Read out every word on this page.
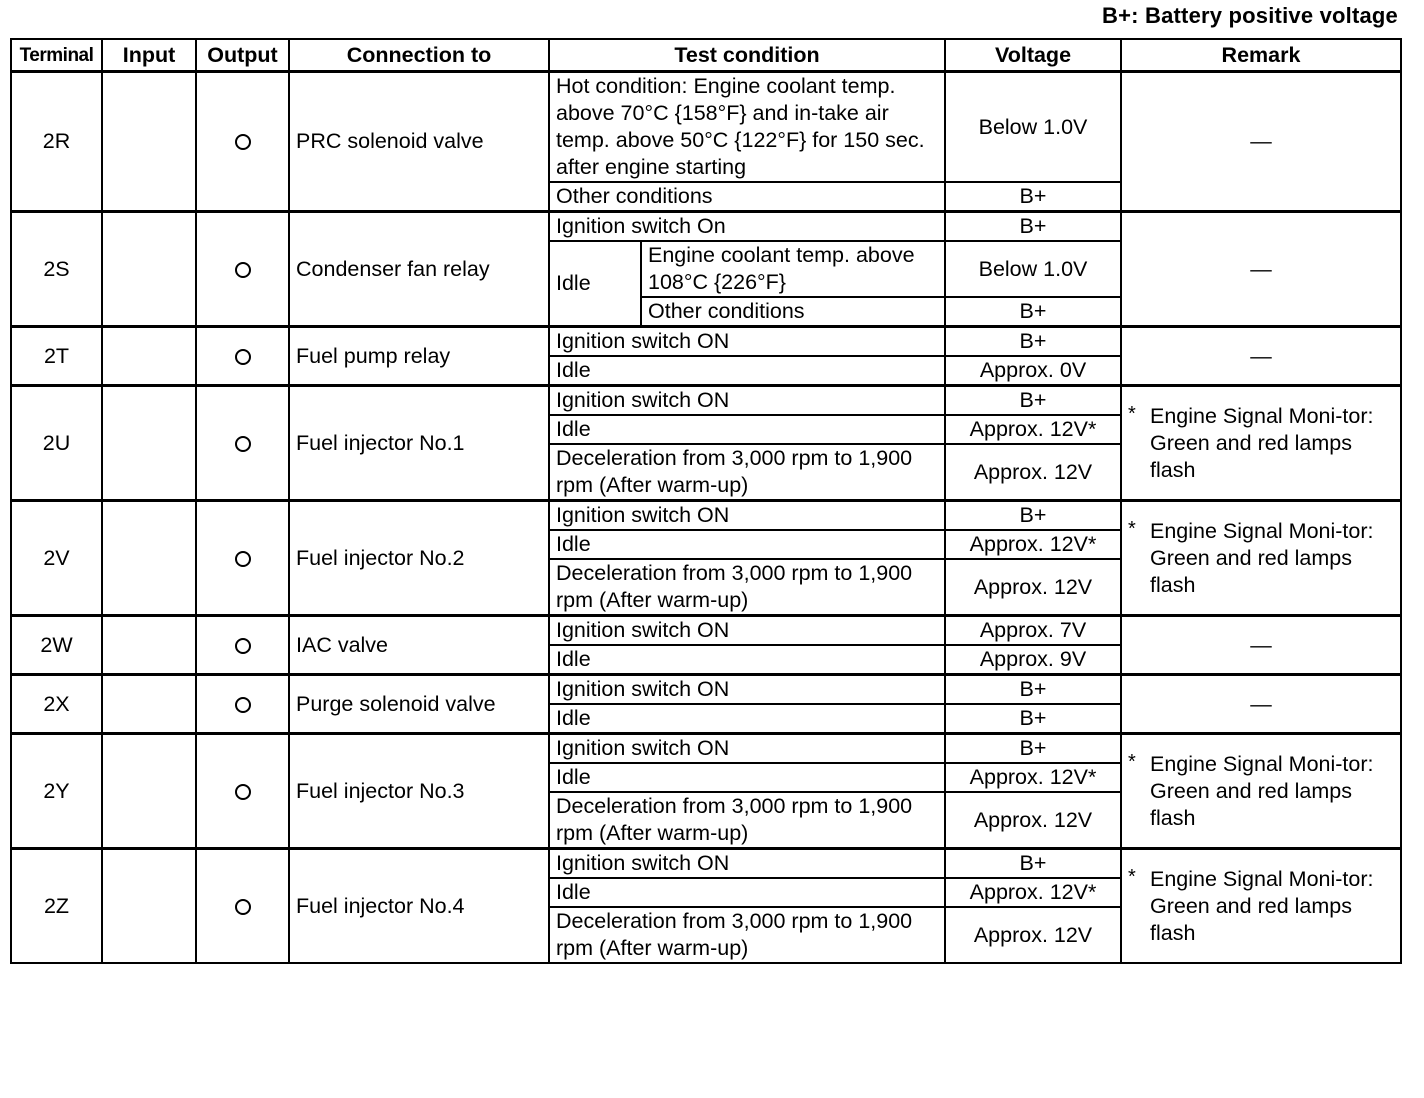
B+: Battery positive voltage
Terminal	Input	Output	Connection to	Test condition		Voltage	Remark
2R			PRC solenoid valve	Hot condition: Engine coolant temp. above 70°C {158°F} and in-take air temp. above 50°C {122°F} for 150 sec. after engine starting		Below 1.0V	—
				Other conditions		B+	
2S			Condenser fan relay	Ignition switch On		B+	—
				Idle	Engine coolant temp. above 108°C {226°F}	Below 1.0V	
					Other conditions	B+	
2T			Fuel pump relay	Ignition switch ON		B+	—
				Idle		Approx. 0V	
2U			Fuel injector No.1	Ignition switch ON		B+	* Engine Signal Moni-tor: Green and red lamps flash

				Idle		Approx. 12V*	
				Deceleration from 3,000 rpm to 1,900 rpm (After warm-up)		Approx. 12V	
2V			Fuel injector No.2	Ignition switch ON		B+	* Engine Signal Moni-tor: Green and red lamps flash

				Idle		Approx. 12V*	
				Deceleration from 3,000 rpm to 1,900 rpm (After warm-up)		Approx. 12V	
2W			IAC valve	Ignition switch ON		Approx. 7V	—
				Idle		Approx. 9V	
2X			Purge solenoid valve	Ignition switch ON		B+	—
				Idle		B+	
2Y			Fuel injector No.3	Ignition switch ON		B+	* Engine Signal Moni-tor: Green and red lamps flash

				Idle		Approx. 12V*	
				Deceleration from 3,000 rpm to 1,900 rpm (After warm-up)		Approx. 12V	
2Z			Fuel injector No.4	Ignition switch ON		B+	* Engine Signal Moni-tor: Green and red lamps flash

				Idle		Approx. 12V*	
				Deceleration from 3,000 rpm to 1,900 rpm (After warm-up)		Approx. 12V	
